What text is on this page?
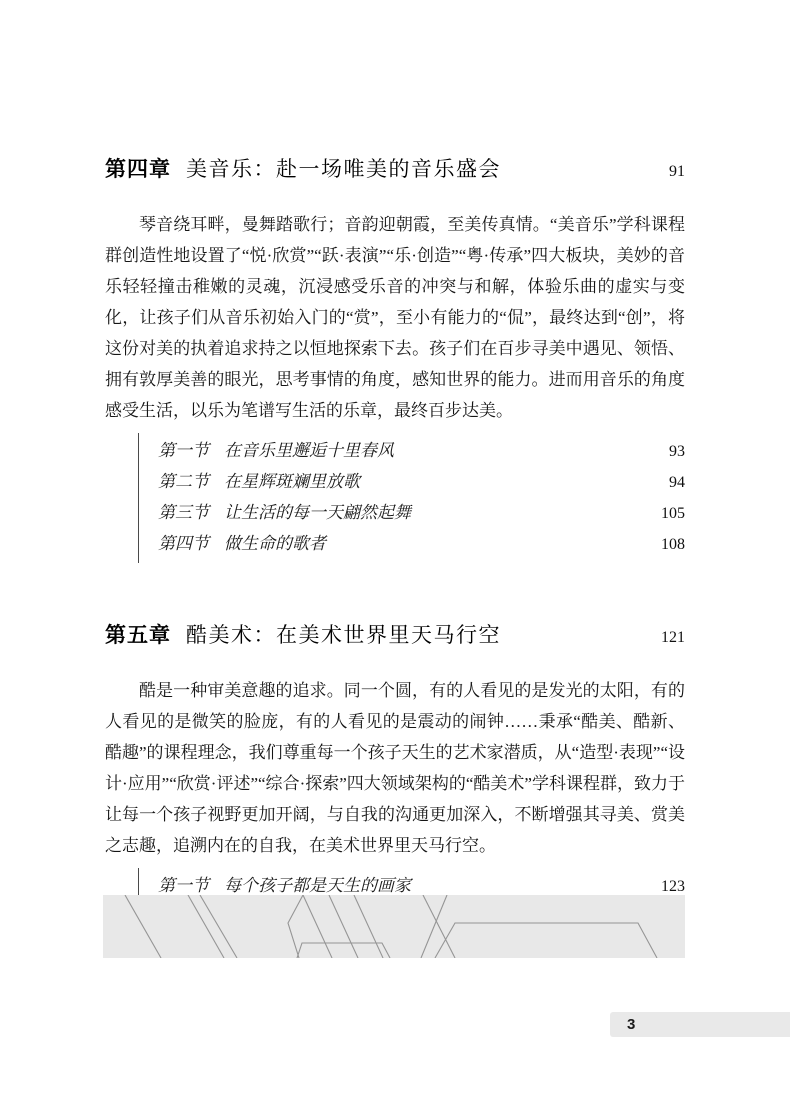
第四章 美音乐：赴一场唯美的音乐盛会	91

琴音绕耳畔，曼舞踏歌行；音韵迎朝霞，至美传真情。“美音乐”学科课程群创造性地设置了“悦·欣赏”“跃·表演”“乐·创造”“粤·传承”四大板块，美妙的音乐轻轻撞击稚嫩的灵魂，沉浸感受乐音的冲突与和解，体验乐曲的虚实与变化，让孩子们从音乐初始入门的“赏”，至小有能力的“侃”，最终达到“创”，将这份对美的执着追求持之以恒地探索下去。孩子们在百步寻美中遇见、领悟、拥有敦厚美善的眼光，思考事情的角度，感知世界的能力。进而用音乐的角度感受生活，以乐为笔谱写生活的乐章，最终百步达美。

第一节 在音乐里邂逅十里春风	93
第二节 在星辉斑斓里放歌	94
第三节 让生活的每一天翩然起舞	105
第四节 做生命的歌者	108
第五章 酷美术：在美术世界里天马行空	121

酷是一种审美意趣的追求。同一个圆，有的人看见的是发光的太阳，有的人看见的是微笑的脸庞，有的人看见的是震动的闹钟……秉承“酷美、酷新、酷趣”的课程理念，我们尊重每一个孩子天生的艺术家潜质，从“造型·表现”“设计·应用”“欣赏·评述”“综合·探索”四大领域架构的“酷美术”学科课程群，致力于让每一个孩子视野更加开阔，与自我的沟通更加深入，不断增强其寻美、赏美之志趣，追溯内在的自我，在美术世界里天马行空。

第一节 每个孩子都是天生的画家	123
3
